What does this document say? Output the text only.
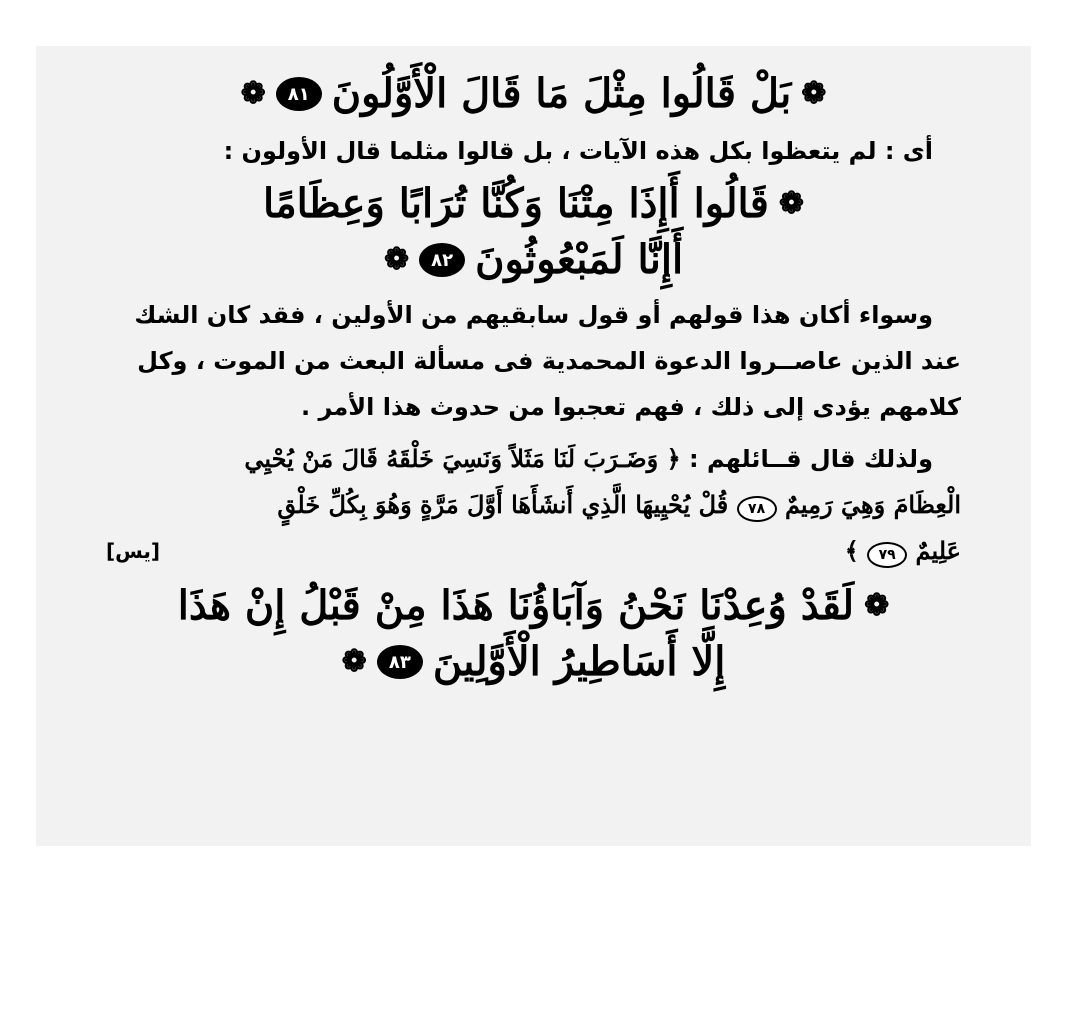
❁
بَلْ قَالُوا مِثْلَ مَا قَالَ الْأَوَّلُونَ
٨١
❁

أى : لم يتعظوا بكل هذه الآيات ، بل قالوا مثلما قال الأولون :

❁
قَالُوا أَإِذَا مِتْنَا وَكُنَّا تُرَابًا وَعِظَامًا
أَإِنَّا لَمَبْعُوثُونَ
٨٢
❁

وسواء أكان هذا قولهم أو قول سابقيهم من الأولين ، فقد كان الشك

عند الذين عاصــروا الدعوة المحمدية فى مسألة البعث من الموت ، وكل

كلامهم يؤدى إلى ذلك ، فهم تعجبوا من حدوث هذا الأمر .

ولذلك قال قــائلهم : ﴿ وَضَـرَبَ لَنَا مَثَلاً وَنَسِيَ خَلْقَهُ قَالَ مَنْ يُحْيِي

الْعِظَامَ وَهِيَ رَمِيمٌ ٧٨ قُلْ يُحْيِيهَا الَّذِي أَنشَأَهَا أَوَّلَ مَرَّةٍ وَهُوَ بِكُلِّ خَلْقٍ

عَلِيمٌ ٧٩ ﴾
[يس]

❁
لَقَدْ وُعِدْنَا نَحْنُ وَآبَاؤُنَا هَذَا مِنْ قَبْلُ إِنْ هَذَا
إِلَّا أَسَاطِيرُ الْأَوَّلِينَ
٨٣
❁
